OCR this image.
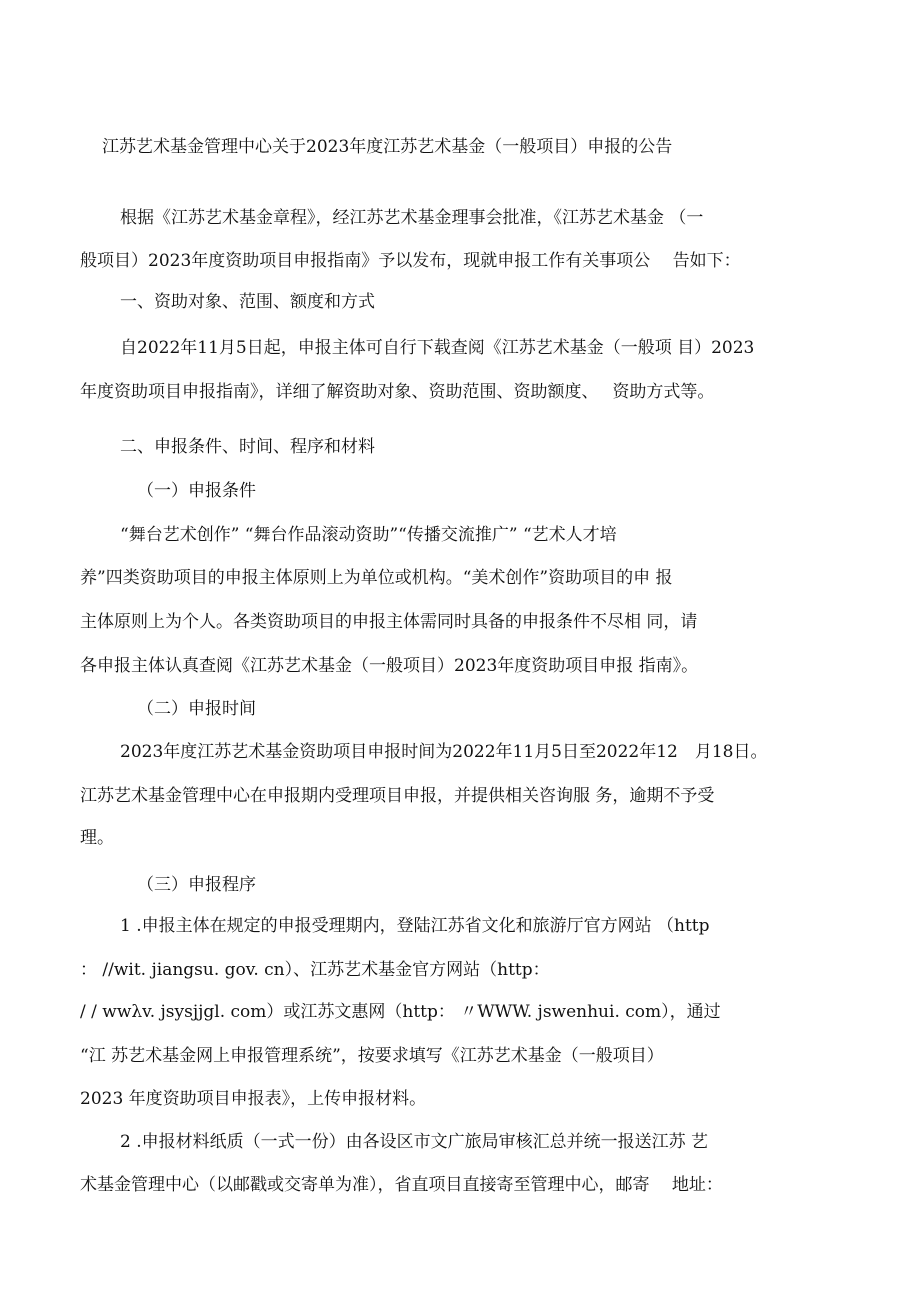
江苏艺术基金管理中心关于2023年度江苏艺术基金（一般项目）申报的公告
根据《江苏艺术基金章程》，经江苏艺术基金理事会批准，《江苏艺术基金 （一
般项目）2023年度资助项目申报指南》予以发布，现就申报工作有关事项公　 告如下：
一、资助对象、范围、额度和方式
自2022年11月5日起，申报主体可自行下载查阅《江苏艺术基金（一般项 目）2023
年度资助项目申报指南》，详细了解资助对象、资助范围、资助额度、　 资助方式等。
二、申报条件、时间、程序和材料
（一）申报条件
“舞台艺术创作” “舞台作品滚动资助”“传播交流推广” “艺术人才培
养”四类资助项目的申报主体原则上为单位或机构。“美术创作”资助项目的申 报
主体原则上为个人。各类资助项目的申报主体需同时具备的申报条件不尽相 同，请
各申报主体认真查阅《江苏艺术基金（一般项目）2023年度资助项目申报 指南》。
（二）申报时间
2023年度江苏艺术基金资助项目申报时间为2022年11月5日至2022年12　月18日。
江苏艺术基金管理中心在申报期内受理项目申报，并提供相关咨询服 务，逾期不予受
理。
（三）申报程序
1 .申报主体在规定的申报受理期内，登陆江苏省文化和旅游厅官方网站 （http
： //wit. jiangsu. gov. cn）、江苏艺术基金官方网站（http：
/ / wwλv. jsysjjgl. com）或江苏文惠网（http： 〃WWW. jswenhui. com），通过
“江 苏艺术基金网上申报管理系统”，按要求填写《江苏艺术基金（一般项目）
2023 年度资助项目申报表》，上传申报材料。
2 .申报材料纸质（一式一份）由各设区市文广旅局审核汇总并统一报送江苏 艺
术基金管理中心（以邮戳或交寄单为准），省直项目直接寄至管理中心，邮寄　 地址：
